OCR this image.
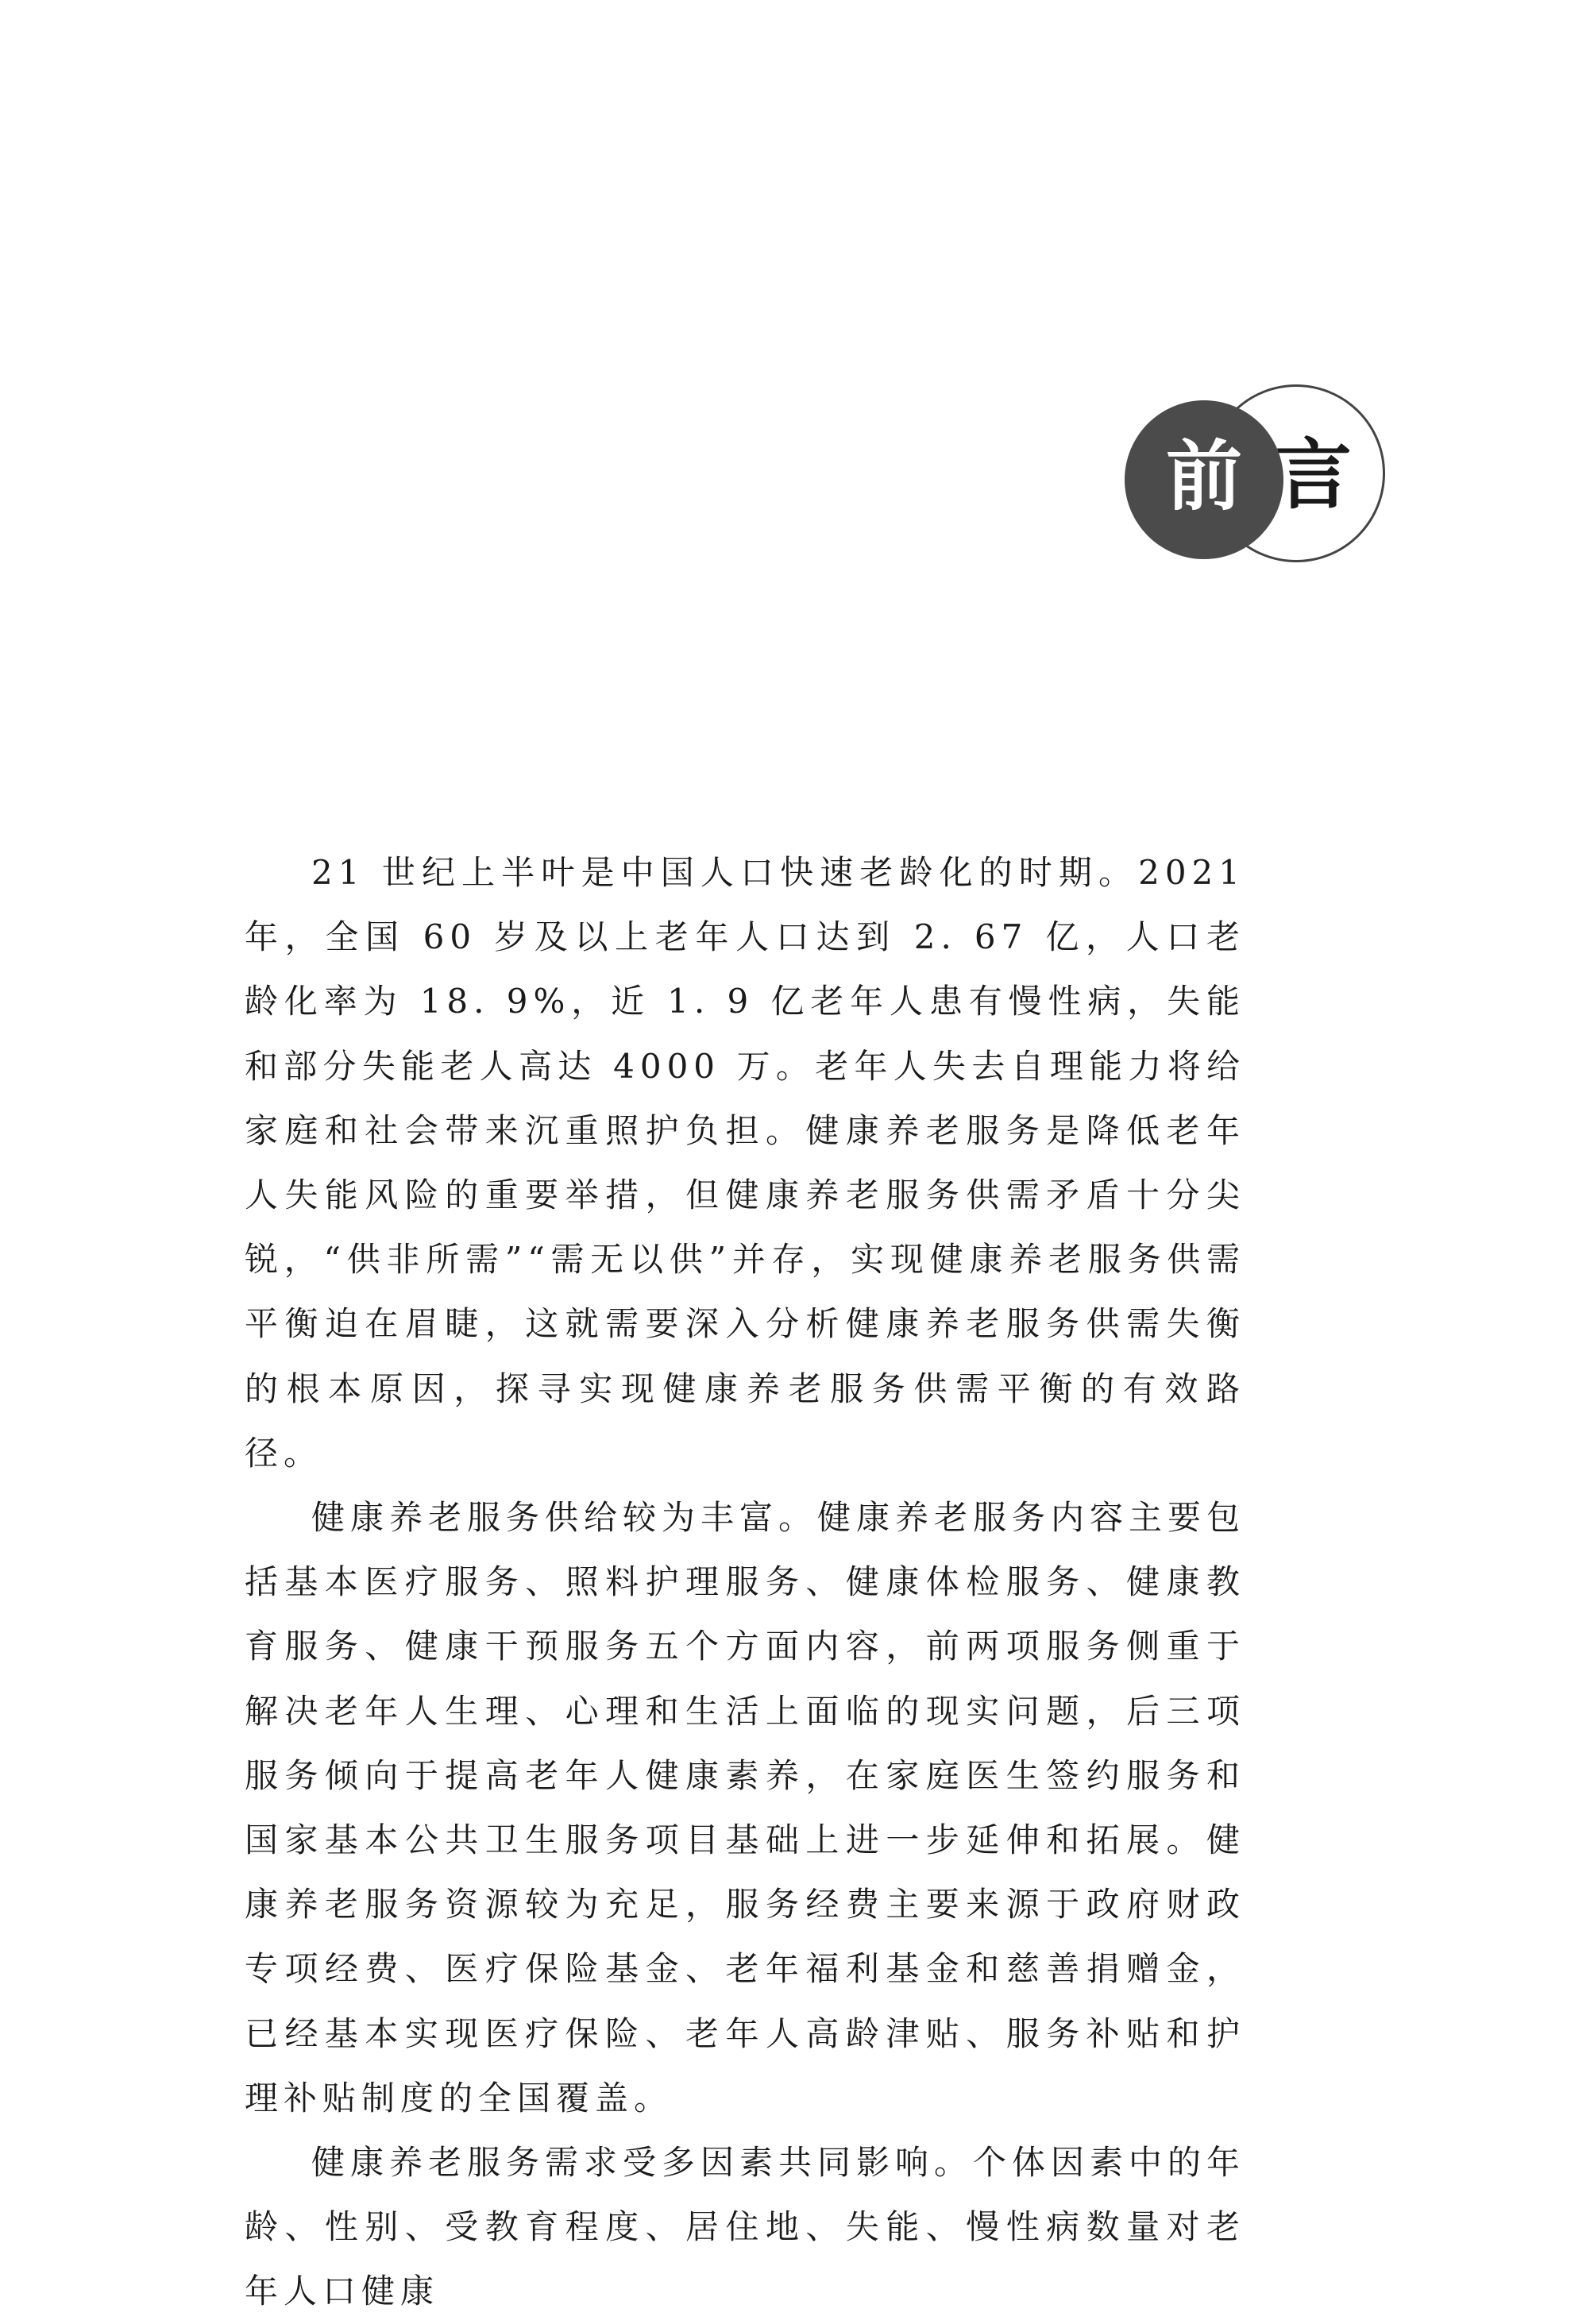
前 言

21 世纪上半叶是中国人口快速老龄化的时期。2021 年，全国 60 岁及以上老年人口达到 2. 67 亿，人口老龄化率为 18. 9%，近 1. 9 亿老年人患有慢性病，失能和部分失能老人高达 4000 万。老年人失去自理能力将给家庭和社会带来沉重照护负担。健康养老服务是降低老年人失能风险的重要举措，但健康养老服务供需矛盾十分尖锐，“供非所需”“需无以供”并存，实现健康养老服务供需平衡迫在眉睫，这就需要深入分析健康养老服务供需失衡的根本原因，探寻实现健康养老服务供需平衡的有效路径。

健康养老服务供给较为丰富。健康养老服务内容主要包括基本医疗服务、照料护理服务、健康体检服务、健康教育服务、健康干预服务五个方面内容，前两项服务侧重于解决老年人生理、心理和生活上面临的现实问题，后三项服务倾向于提高老年人健康素养，在家庭医生签约服务和国家基本公共卫生服务项目基础上进一步延伸和拓展。健康养老服务资源较为充足，服务经费主要来源于政府财政专项经费、医疗保险基金、老年福利基金和慈善捐赠金，已经基本实现医疗保险、老年人高龄津贴、服务补贴和护理补贴制度的全国覆盖。

健康养老服务需求受多因素共同影响。个体因素中的年龄、性别、受教育程度、居住地、失能、慢性病数量对老年人口健康
